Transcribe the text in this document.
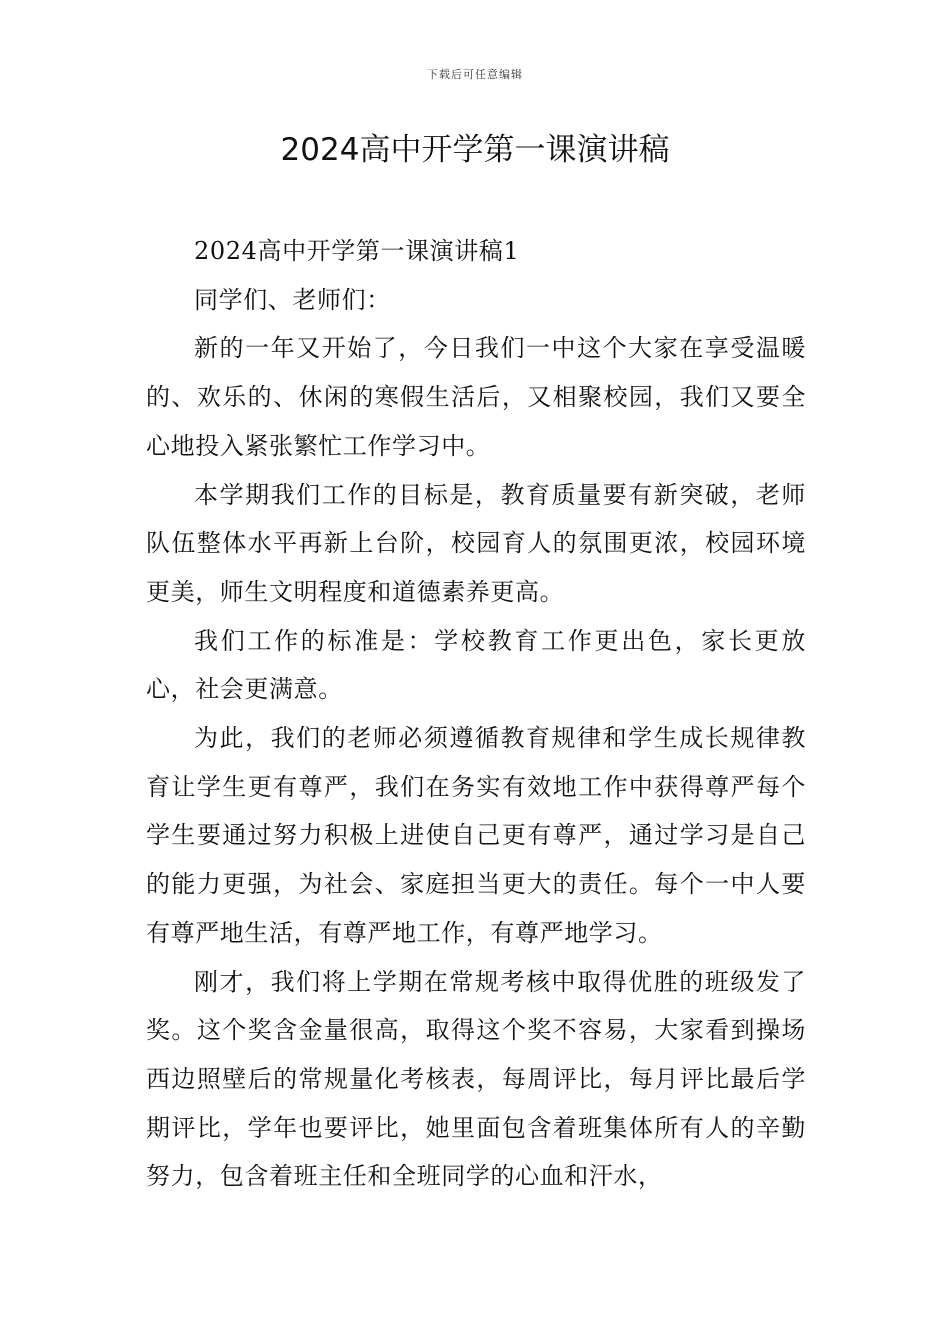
下载后可任意编辑
2024高中开学第一课演讲稿

2024高中开学第一课演讲稿1

同学们、老师们：

新的一年又开始了，今日我们一中这个大家在享受温暖的、欢乐的、休闲的寒假生活后，又相聚校园，我们又要全心地投入紧张繁忙工作学习中。

本学期我们工作的目标是，教育质量要有新突破，老师队伍整体水平再新上台阶，校园育人的氛围更浓，校园环境更美，师生文明程度和道德素养更高。

我们工作的标准是：学校教育工作更出色，家长更放心，社会更满意。

为此，我们的老师必须遵循教育规律和学生成长规律教育让学生更有尊严，我们在务实有效地工作中获得尊严每个学生要通过努力积极上进使自己更有尊严，通过学习是自己的能力更强，为社会、家庭担当更大的责任。每个一中人要有尊严地生活，有尊严地工作，有尊严地学习。

刚才，我们将上学期在常规考核中取得优胜的班级发了奖。这个奖含金量很高，取得这个奖不容易，大家看到操场西边照壁后的常规量化考核表，每周评比，每月评比最后学期评比，学年也要评比，她里面包含着班集体所有人的辛勤努力，包含着班主任和全班同学的心血和汗水，
